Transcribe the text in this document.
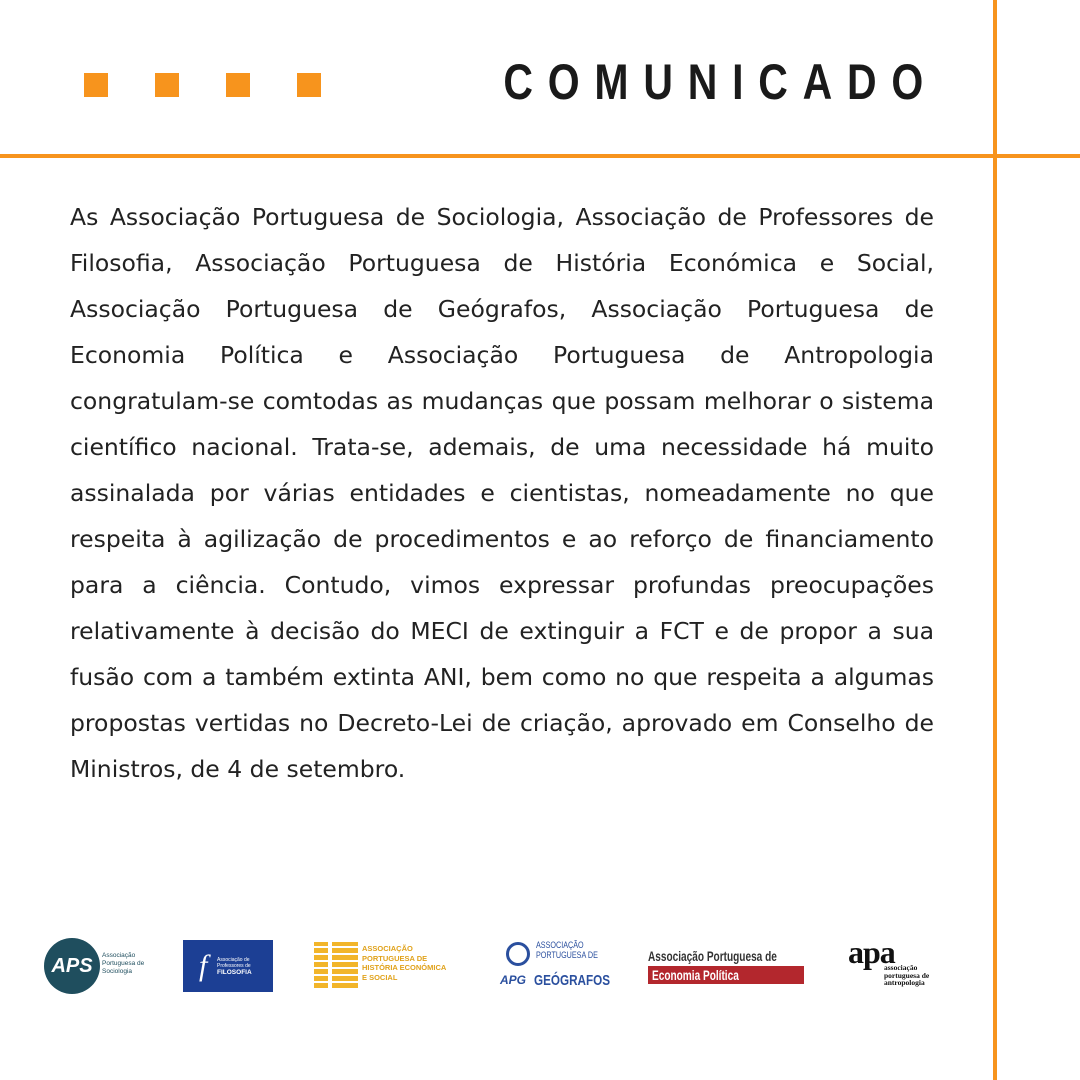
COMUNICADO

As Associação Portuguesa de Sociologia, Associação de Professores de Filosofia, Associação Portuguesa de História Económica e Social, Associação Portuguesa de Geógrafos, Associação Portuguesa de Economia Política e Associação Portuguesa de Antropologia congratulam-se comtodas as mudanças que possam melhorar o sistema científico nacional. Trata-se, ademais, de uma necessidade há muito assinalada por várias entidades e cientistas, nomeadamente no que respeita à agilização de procedimentos e ao reforço de financiamento para a ciência. Contudo, vimos expressar profundas preocupações relativamente à decisão do MECI de extinguir a FCT e de propor a sua fusão com a também extinta ANI, bem como no que respeita a algumas propostas vertidas no Decreto-Lei de criação, aprovado em Conselho de Ministros, de 4 de setembro.

APS	Associação Portuguesa de Sociologia	f Associação de Professores de
FILOSOFIA
ASSOCIAÇÃO
PORTUGUESA DE
HISTÓRIA ECONÓMICA
E SOCIAL
ASSOCIAÇÃO
PORTUGUESA DE
APG GEÓGRAFOS
Associação Portuguesa de
Economia Política
apa
associação
portuguesa de
antropologia
